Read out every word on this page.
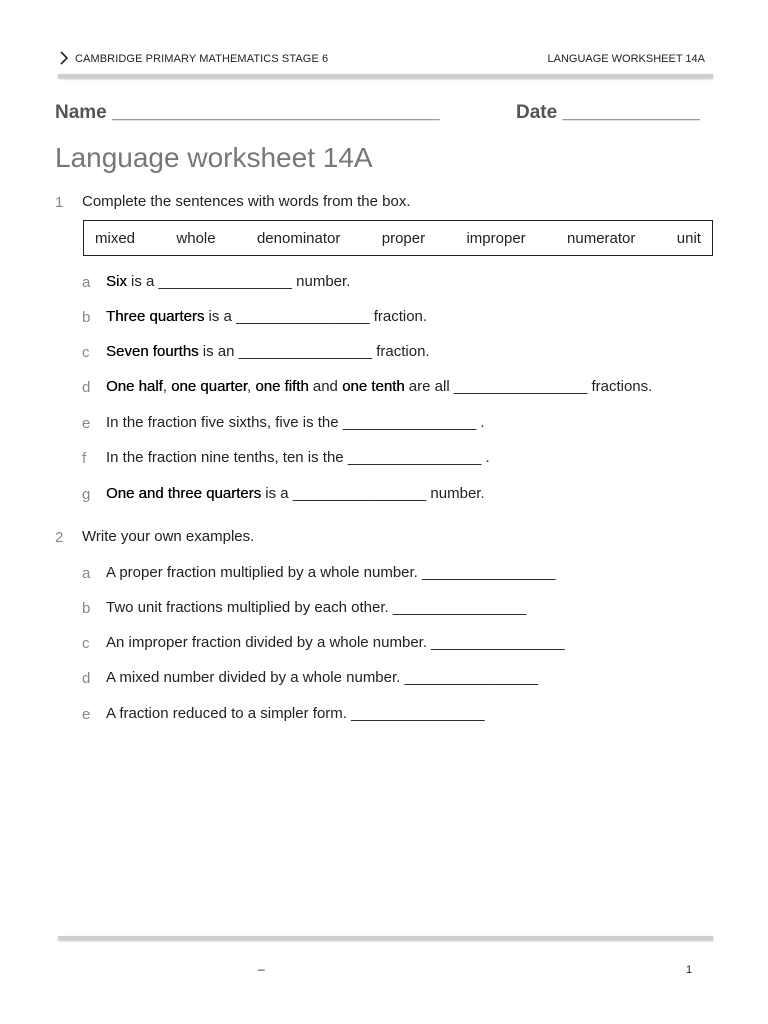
CAMBRIDGE PRIMARY MATHEMATICS STAGE 6	LANGUAGE WORKSHEET 14A
Name _______________________________	Date _____________
Language worksheet 14A
1 Complete the sentences with words from the box.
mixed	whole	denominator	proper	improper	numerator	unit
a Six is a ________________ number.
b Three quarters is a ________________ fraction.
c Seven fourths is an ________________ fraction.
d One half, one quarter, one fifth and one tenth are all ________________ fractions.
e In the fraction five sixths, five is the ________________ .
f In the fraction nine tenths, ten is the ________________ .
g One and three quarters is a ________________ number.
2 Write your own examples.
a A proper fraction multiplied by a whole number. ________________
b Two unit fractions multiplied by each other. ________________
c An improper fraction divided by a whole number. ________________
d A mixed number divided by a whole number. ________________
e A fraction reduced to a simpler form. ________________
–	1
